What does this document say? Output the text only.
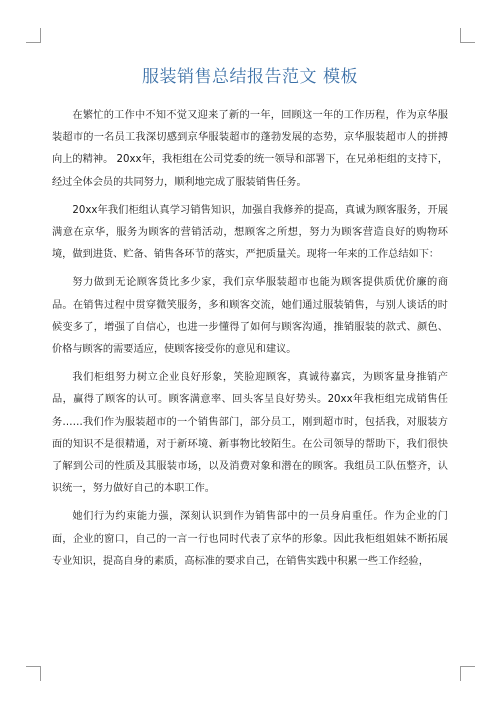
服装销售总结报告范文 模板

在繁忙的工作中不知不觉又迎来了新的一年，回顾这一年的工作历程，作为京华服装超市的一名员工我深切感到京华服装超市的蓬勃发展的态势，京华服装超市人的拼搏向上的精神。 20xx年，我柜组在公司党委的统一领导和部署下，在兄弟柜组的支持下，经过全体会员的共同努力，顺利地完成了服装销售任务。

20xx年我们柜组认真学习销售知识，加强自我修养的提高，真诚为顾客服务，开展满意在京华，服务为顾客的营销活动，想顾客之所想，努力为顾客营造良好的购物环境，做到进货、贮备、销售各环节的落实，严把质量关。现将一年来的工作总结如下：

努力做到无论顾客货比多少家，我们京华服装超市也能为顾客提供质优价廉的商品。在销售过程中贯穿微笑服务，多和顾客交流，她们通过服装销售，与别人谈话的时候变多了，增强了自信心，也进一步懂得了如何与顾客沟通，推销服装的款式、颜色、价格与顾客的需要适应，使顾客接受你的意见和建议。

我们柜组努力树立企业良好形象，笑脸迎顾客，真诚待嘉宾，为顾客量身推销产品，赢得了顾客的认可。顾客满意率、回头客呈良好势头。20xx年我柜组完成销售任务……我们作为服装超市的一个销售部门，部分员工，刚到超市时，包括我，对服装方面的知识不是很精通，对于新环境、新事物比较陌生。在公司领导的帮助下，我们很快了解到公司的性质及其服装市场，以及消费对象和潜在的顾客。我组员工队伍整齐，认识统一，努力做好自己的本职工作。

她们行为约束能力强，深刻认识到作为销售部中的一员身肩重任。作为企业的门面，企业的窗口，自己的一言一行也同时代表了京华的形象。因此我柜组姐妹不断拓展专业知识，提高自身的素质，高标准的要求自己，在销售实践中积累一些工作经验，
